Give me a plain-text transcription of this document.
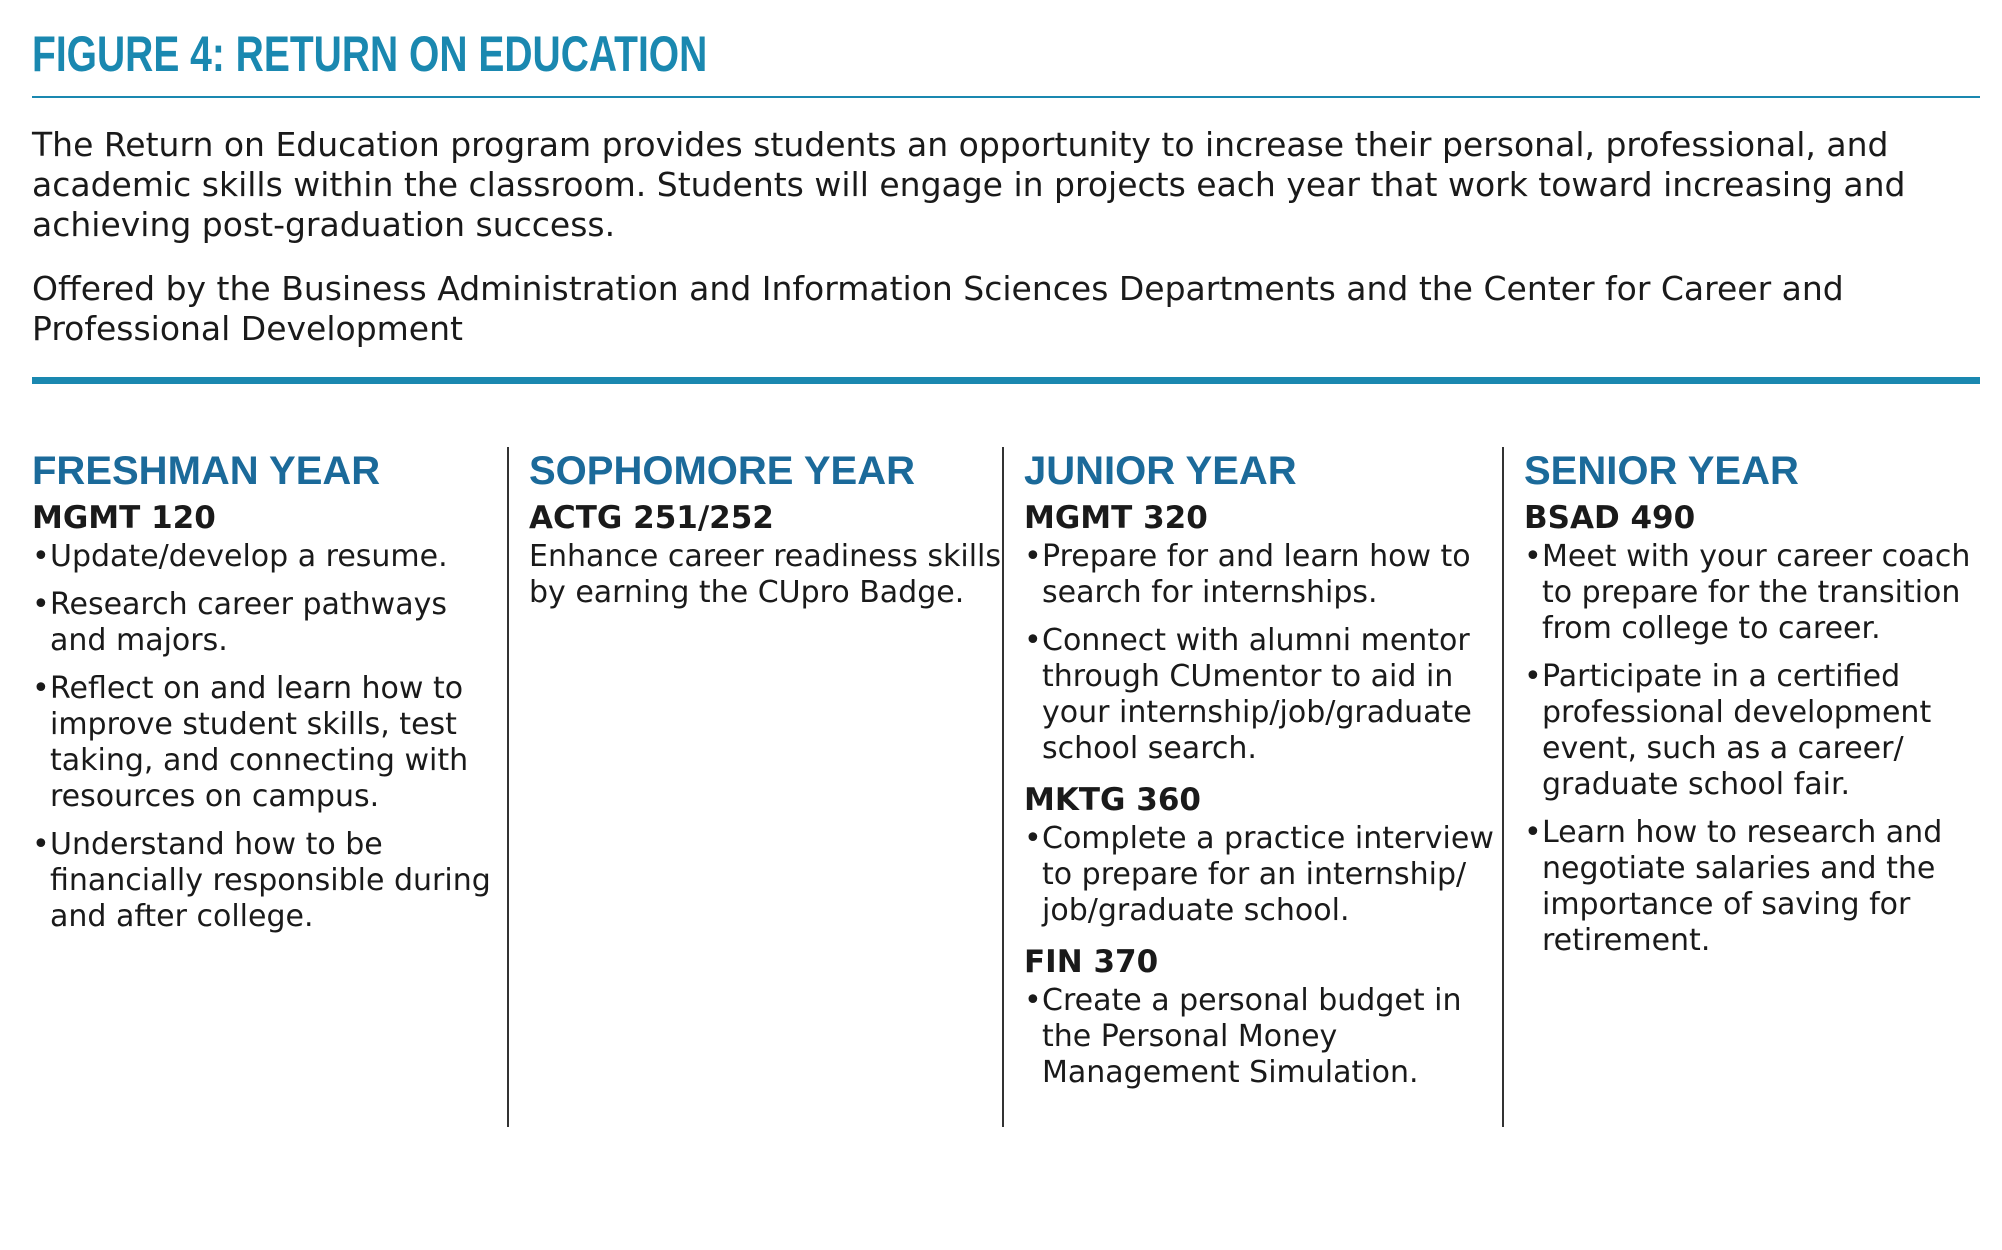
FIGURE 4: RETURN ON EDUCATION

The Return on Education program provides students an opportunity to increase their personal, professional, and academic skills within the classroom. Students will engage in projects each year that work toward increasing and achieving post-graduation success.

Offered by the Business Administration and Information Sciences Departments and the Center for Career and Professional Development

FRESHMAN YEAR
MGMT 120
• Update/develop a resume.
• Research career pathways and majors.
• Reflect on and learn how to improve student skills, test taking, and connecting with resources on campus.
• Understand how to be financially responsible during and after college.
SOPHOMORE YEAR
ACTG 251/252
Enhance career readiness skills by earning the CUpro Badge.
JUNIOR YEAR
MGMT 320
• Prepare for and learn how to search for internships.
• Connect with alumni mentor through CUmentor to aid in your internship/job/graduate school search.
MKTG 360
• Complete a practice interview to prepare for an internship/ job/graduate school.
FIN 370
• Create a personal budget in the Personal Money Management Simulation.
SENIOR YEAR
BSAD 490
• Meet with your career coach to prepare for the transition from college to career.
• Participate in a certified professional development event, such as a career/ graduate school fair.
• Learn how to research and negotiate salaries and the importance of saving for retirement.
